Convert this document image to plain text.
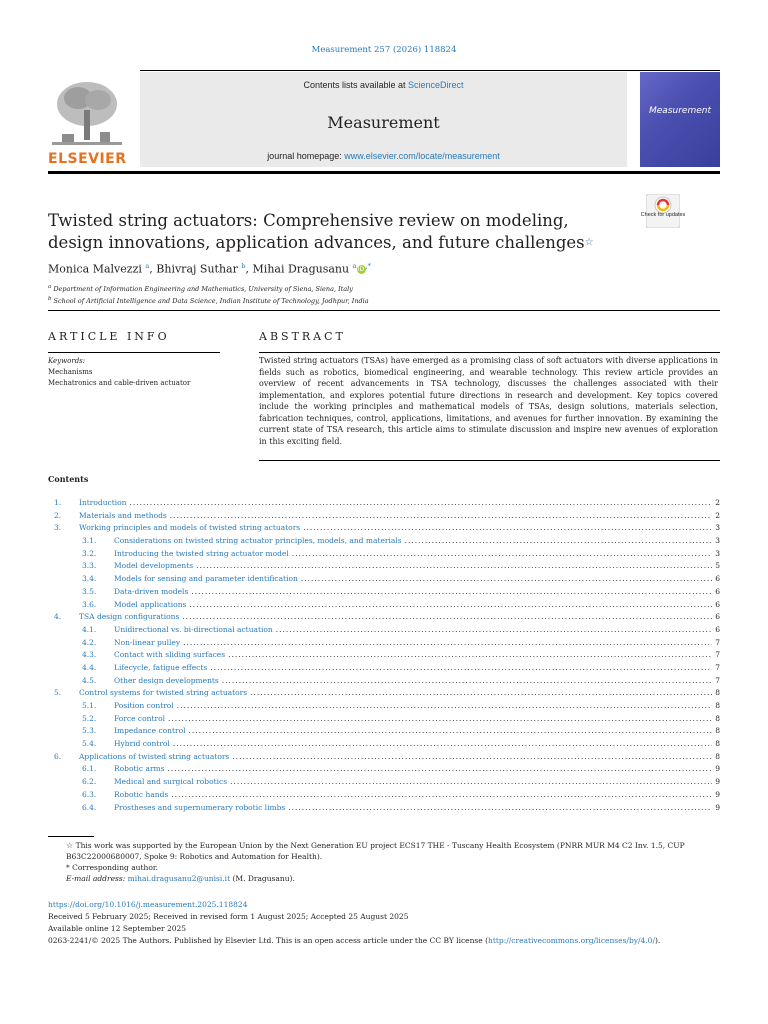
Measurement 257 (2026) 118824
ELSEVIER
Contents lists available at ScienceDirect
Measurement
journal homepage: www.elsevier.com/locate/measurement
Measurement
Twisted string actuators: Comprehensive review on modeling, design innovations, application advances, and future challenges☆
Check for updates
Monica Malvezzi $^a$, Bhivraj Suthar $^b$, Mihai Dragusanu $^a$iD,*
$^a$ Department of Information Engineering and Mathematics, University of Siena, Siena, Italy
$^b$ School of Artificial Intelligence and Data Science, Indian Institute of Technology, Jodhpur, India
ARTICLE INFO	ABSTRACT
Keywords:
Mechanisms
Mechatronics and cable-driven actuator
Twisted string actuators (TSAs) have emerged as a promising class of soft actuators with diverse applications in fields such as robotics, biomedical engineering, and wearable technology. This review article provides an overview of recent advancements in TSA technology, discusses the challenges associated with their implementation, and explores potential future directions in research and development. Key topics covered include the working principles and mathematical models of TSAs, design solutions, materials selection, fabrication techniques, control, applications, limitations, and avenues for further innovation. By examining the current state of TSA research, this article aims to stimulate discussion and inspire new avenues of exploration in this exciting field.
Contents
1.	Introduction .....	2
2.	Materials and methods .....	2
3.	Working principles and models of twisted string actuators .....	3
3.1.	Considerations on twisted string actuator principles, models, and materials .....	3
3.2.	Introducing the twisted string actuator model .....	3
3.3.	Model developments .....	5
3.4.	Models for sensing and parameter identification .....	6
3.5.	Data-driven models .....	6
3.6.	Model applications .....	6
4.	TSA design configurations .....	6
4.1.	Unidirectional vs. bi-directional actuation .....	6
4.2.	Non-linear pulley .....	7
4.3.	Contact with sliding surfaces .....	7
4.4.	Lifecycle, fatigue effects .....	7
4.5.	Other design developments .....	7
5.	Control systems for twisted string actuators .....	8
5.1.	Position control .....	8
5.2.	Force control .....	8
5.3.	Impedance control .....	8
5.4.	Hybrid control .....	8
6.	Applications of twisted string actuators .....	8
6.1.	Robotic arms .....	9
6.2.	Medical and surgical robotics .....	9
6.3.	Robotic hands .....	9
6.4.	Prostheses and supernumerary robotic limbs .....	9
☆ This work was supported by the European Union by the Next Generation EU project ECS17 THE - Tuscany Health Ecosystem (PNRR MUR M4 C2 Inv. 1.5, CUP B63C22000680007, Spoke 9: Robotics and Automation for Health).
* Corresponding author.
E-mail address: mihai.dragusanu2@unisi.it (M. Dragusanu).
https://doi.org/10.1016/j.measurement.2025.118824
Received 5 February 2025; Received in revised form 1 August 2025; Accepted 25 August 2025
Available online 12 September 2025
0263-2241/© 2025 The Authors. Published by Elsevier Ltd. This is an open access article under the CC BY license (http://creativecommons.org/licenses/by/4.0/).
